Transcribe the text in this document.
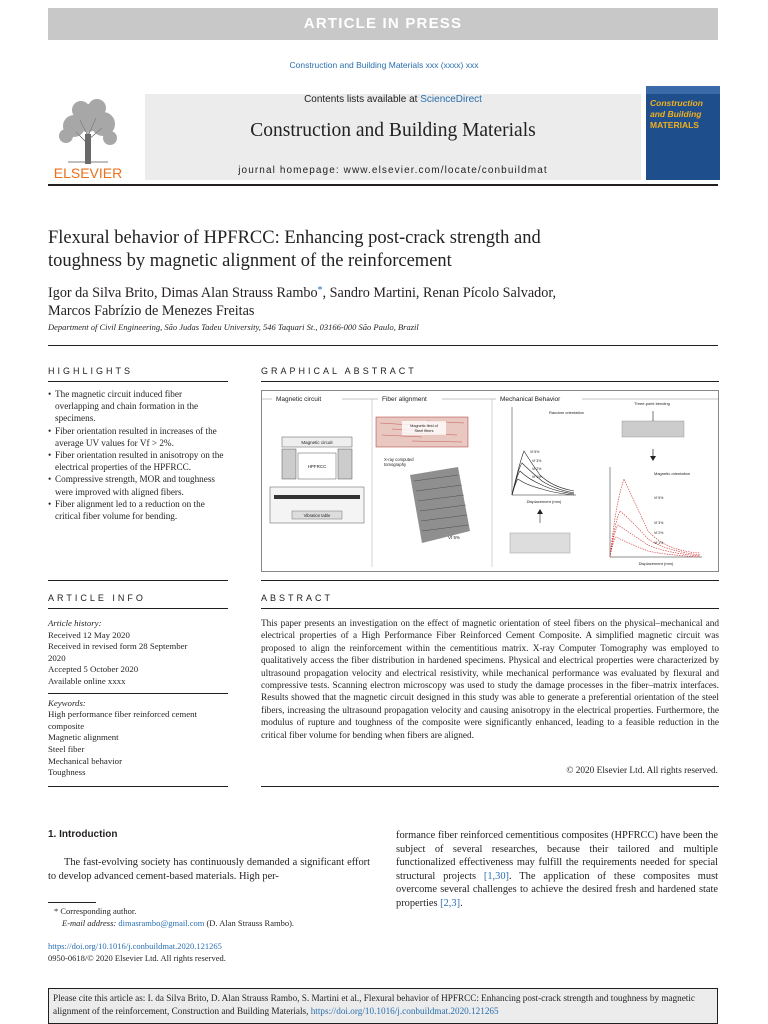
ARTICLE IN PRESS
Construction and Building Materials xxx (xxxx) xxx
ELSEVIER
Contents lists available at ScienceDirect
Construction and Building Materials
journal homepage: www.elsevier.com/locate/conbuildmat
Construction
and Building
MATERIALS
Flexural behavior of HPFRCC: Enhancing post-crack strength and
toughness by magnetic alignment of the reinforcement
Igor da Silva Brito, Dimas Alan Strauss Rambo*, Sandro Martini, Renan Pícolo Salvador,
Marcos Fabrízio de Menezes Freitas
Department of Civil Engineering, São Judas Tadeu University, 546 Taquari St., 03166-000 São Paulo, Brazil
HIGHLIGHTS
• The magnetic circuit induced fiber overlapping and chain formation in the specimens.
• Fiber orientation resulted in increases of the average UV values for Vf > 2%.
• Fiber orientation resulted in anisotropy on the electrical properties of the HPFRCC.
• Compressive strength, MOR and toughness were improved with aligned fibers.
• Fiber alignment led to a reduction on the critical fiber volume for bending.
GRAPHICAL ABSTRACT
Magnetic circuit	Fiber alignment	Mechanical Behavior
Magnetic circuit
HPFRCC
Vibration table
Magnetic field of
Steel fibers
X-ray computed
tomography
Vf 5%
Random orientation
Displacement (mm)
Vf 5%
Vf 3%
Vf 2%
Vf 1%
Three-point bending
Magnetic orientation
Displacement (mm)
Vf 5%
Vf 3%
Vf 2%
Vf 1%
ARTICLE INFO
Article history:
Received 12 May 2020
Received in revised form 28 September
2020
Accepted 5 October 2020
Available online xxxx
Keywords:
High performance fiber reinforced cement
composite
Magnetic alignment
Steel fiber
Mechanical behavior
Toughness
ABSTRACT
This paper presents an investigation on the effect of magnetic orientation of steel fibers on the physical–mechanical and electrical properties of a High Performance Fiber Reinforced Cement Composite. A simplified magnetic circuit was proposed to align the reinforcement within the cementitious matrix. X-ray Computer Tomography was employed to qualitatively access the fiber distribution in hardened specimens. Physical and electrical properties were characterized by ultrasound propagation velocity and electrical resistivity, while mechanical performance was evaluated by flexural and compressive tests. Scanning electron microscopy was used to study the damage processes in the fiber–matrix interfaces. Results showed that the magnetic circuit designed in this study was able to generate a preferential orientation of the steel fibers, increasing the ultrasound propagation velocity and causing anisotropy in the electrical properties. Furthermore, the modulus of rupture and toughness of the composite were significantly enhanced, leading to a feasible reduction in the critical fiber volume for bending when fibers are aligned.
© 2020 Elsevier Ltd. All rights reserved.
1. Introduction
The fast-evolving society has continuously demanded a significant effort to develop advanced cement-based materials. High per-
formance fiber reinforced cementitious composites (HPFRCC) have been the subject of several researches, because their tailored and multiple functionalized effectiveness may fulfill the requirements needed for special structural projects [1,30]. The application of these composites must overcome several challenges to achieve the desired fresh and hardened state properties [2,3].
* Corresponding author.
E-mail address: dimasrambo@gmail.com (D. Alan Strauss Rambo).
https://doi.org/10.1016/j.conbuildmat.2020.121265
0950-0618/© 2020 Elsevier Ltd. All rights reserved.
Please cite this article as: I. da Silva Brito, D. Alan Strauss Rambo, S. Martini et al., Flexural behavior of HPFRCC: Enhancing post-crack strength and toughness by magnetic alignment of the reinforcement, Construction and Building Materials, https://doi.org/10.1016/j.conbuildmat.2020.121265
